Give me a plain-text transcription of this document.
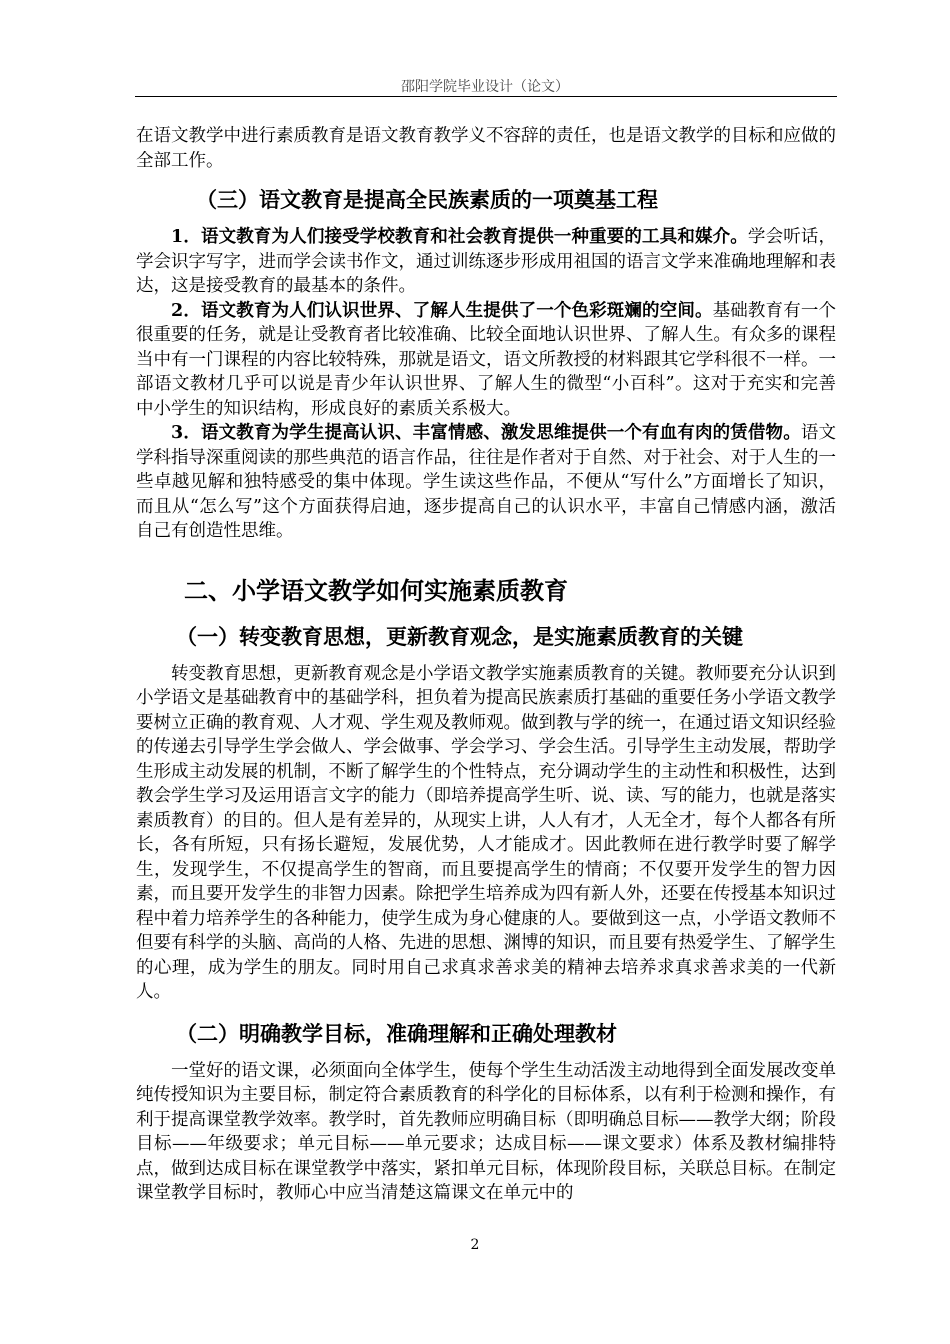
邵阳学院毕业设计（论文）

在语文教学中进行素质教育是语文教育教学义不容辞的责任，也是语文教学的目标和应做的全部工作。

（三）语文教育是提高全民族素质的一项奠基工程

1．语文教育为人们接受学校教育和社会教育提供一种重要的工具和媒介。学会听话，学会识字写字，进而学会读书作文，通过训练逐步形成用祖国的语言文学来准确地理解和表达，这是接受教育的最基本的条件。

2．语文教育为人们认识世界、了解人生提供了一个色彩斑斓的空间。基础教育有一个很重要的任务，就是让受教育者比较准确、比较全面地认识世界、了解人生。有众多的课程当中有一门课程的内容比较特殊，那就是语文，语文所教授的材料跟其它学科很不一样。一部语文教材几乎可以说是青少年认识世界、了解人生的微型“小百科”。这对于充实和完善中小学生的知识结构，形成良好的素质关系极大。

3．语文教育为学生提高认识、丰富情感、激发思维提供一个有血有肉的赁借物。语文学科指导深重阅读的那些典范的语言作品，往往是作者对于自然、对于社会、对于人生的一些卓越见解和独特感受的集中体现。学生读这些作品，不便从“写什么”方面增长了知识，而且从“怎么写”这个方面获得启迪，逐步提高自己的认识水平，丰富自己情感内涵，激活自己有创造性思维。

二、小学语文教学如何实施素质教育
（一）转变教育思想，更新教育观念，是实施素质教育的关键

转变教育思想，更新教育观念是小学语文教学实施素质教育的关键。教师要充分认识到小学语文是基础教育中的基础学科，担负着为提高民族素质打基础的重要任务小学语文教学要树立正确的教育观、人才观、学生观及教师观。做到教与学的统一，在通过语文知识经验的传递去引导学生学会做人、学会做事、学会学习、学会生活。引导学生主动发展，帮助学生形成主动发展的机制，不断了解学生的个性特点，充分调动学生的主动性和积极性，达到教会学生学习及运用语言文字的能力（即培养提高学生听、说、读、写的能力，也就是落实素质教育）的目的。但人是有差异的，从现实上讲，人人有才，人无全才，每个人都各有所长，各有所短，只有扬长避短，发展优势，人才能成才。因此教师在进行教学时要了解学生，发现学生，不仅提高学生的智商，而且要提高学生的情商；不仅要开发学生的智力因素，而且要开发学生的非智力因素。除把学生培养成为四有新人外，还要在传授基本知识过程中着力培养学生的各种能力，使学生成为身心健康的人。要做到这一点，小学语文教师不但要有科学的头脑、高尚的人格、先进的思想、渊博的知识，而且要有热爱学生、了解学生的心理，成为学生的朋友。同时用自己求真求善求美的精神去培养求真求善求美的一代新人。

（二）明确教学目标，准确理解和正确处理教材

一堂好的语文课，必须面向全体学生，使每个学生生动活泼主动地得到全面发展改变单纯传授知识为主要目标，制定符合素质教育的科学化的目标体系，以有利于检测和操作，有利于提高课堂教学效率。教学时，首先教师应明确目标（即明确总目标——教学大纲；阶段目标——年级要求；单元目标——单元要求；达成目标——课文要求）体系及教材编排特点，做到达成目标在课堂教学中落实，紧扣单元目标，体现阶段目标，关联总目标。在制定课堂教学目标时，教师心中应当清楚这篇课文在单元中的

2
